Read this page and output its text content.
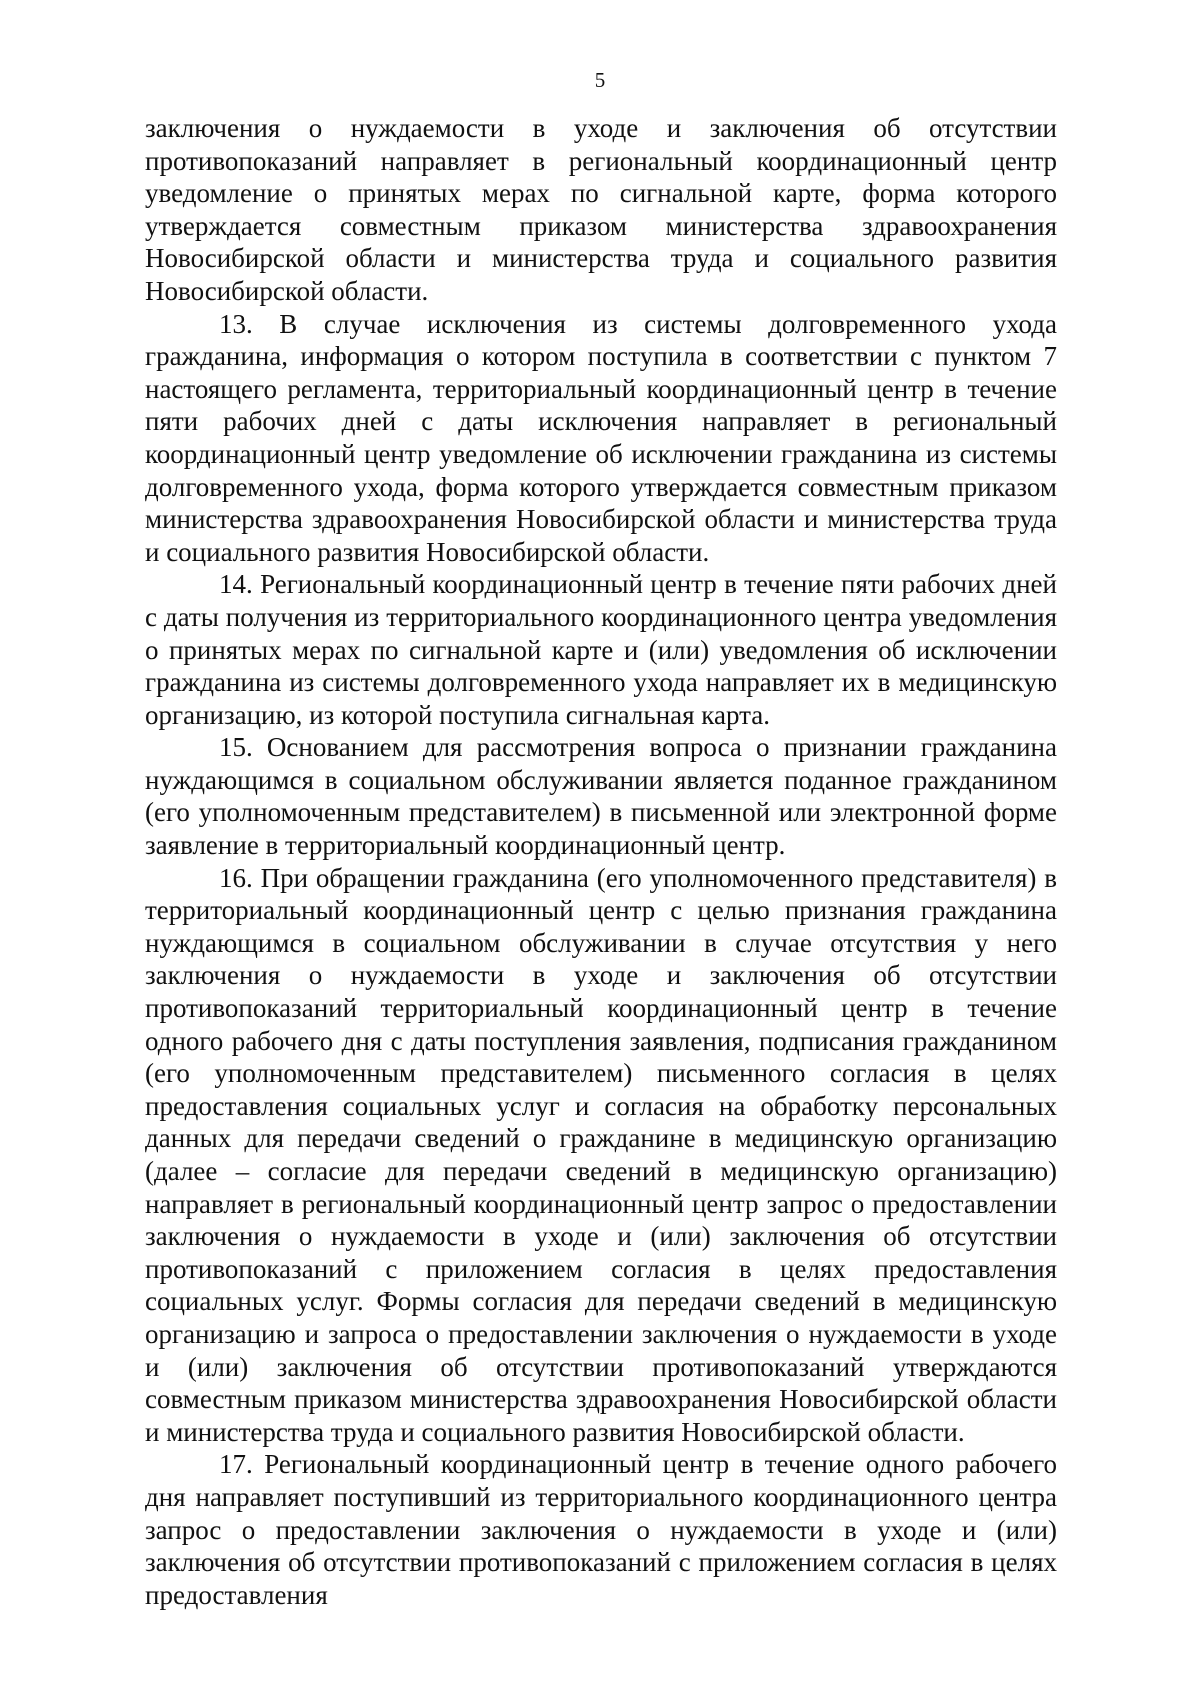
5

заключения о нуждаемости в уходе и заключения об отсутствии противопоказаний направляет в региональный координационный центр уведомление о принятых мерах по сигнальной карте, форма которого утверждается совместным приказом министерства здравоохранения Новосибирской области и министерства труда и социального развития Новосибирской области.

13. В случае исключения из системы долговременного ухода гражданина, информация о котором поступила в соответствии с пунктом 7 настоящего регламента, территориальный координационный центр в течение пяти рабочих дней с даты исключения направляет в региональный координационный центр уведомление об исключении гражданина из системы долговременного ухода, форма которого утверждается совместным приказом министерства здравоохранения Новосибирской области и министерства труда и социального развития Новосибирской области.

14. Региональный координационный центр в течение пяти рабочих дней с даты получения из территориального координационного центра уведомления о принятых мерах по сигнальной карте и (или) уведомления об исключении гражданина из системы долговременного ухода направляет их в медицинскую организацию, из которой поступила сигнальная карта.

15. Основанием для рассмотрения вопроса о признании гражданина нуждающимся в социальном обслуживании является поданное гражданином (его уполномоченным представителем) в письменной или электронной форме заявление в территориальный координационный центр.

16. При обращении гражданина (его уполномоченного представителя) в территориальный координационный центр с целью признания гражданина нуждающимся в социальном обслуживании в случае отсутствия у него заключения о нуждаемости в уходе и заключения об отсутствии противопоказаний территориальный координационный центр в течение одного рабочего дня с даты поступления заявления, подписания гражданином (его уполномоченным представителем) письменного согласия в целях предоставления социальных услуг и согласия на обработку персональных данных для передачи сведений о гражданине в медицинскую организацию (далее – согласие для передачи сведений в медицинскую организацию) направляет в региональный координационный центр запрос о предоставлении заключения о нуждаемости в уходе и (или) заключения об отсутствии противопоказаний с приложением согласия в целях предоставления социальных услуг. Формы согласия для передачи сведений в медицинскую организацию и запроса о предоставлении заключения о нуждаемости в уходе и (или) заключения об отсутствии противопоказаний утверждаются совместным приказом министерства здравоохранения Новосибирской области и министерства труда и социального развития Новосибирской области.

17. Региональный координационный центр в течение одного рабочего дня направляет поступивший из территориального координационного центра запрос о предоставлении заключения о нуждаемости в уходе и (или) заключения об отсутствии противопоказаний с приложением согласия в целях предоставления
